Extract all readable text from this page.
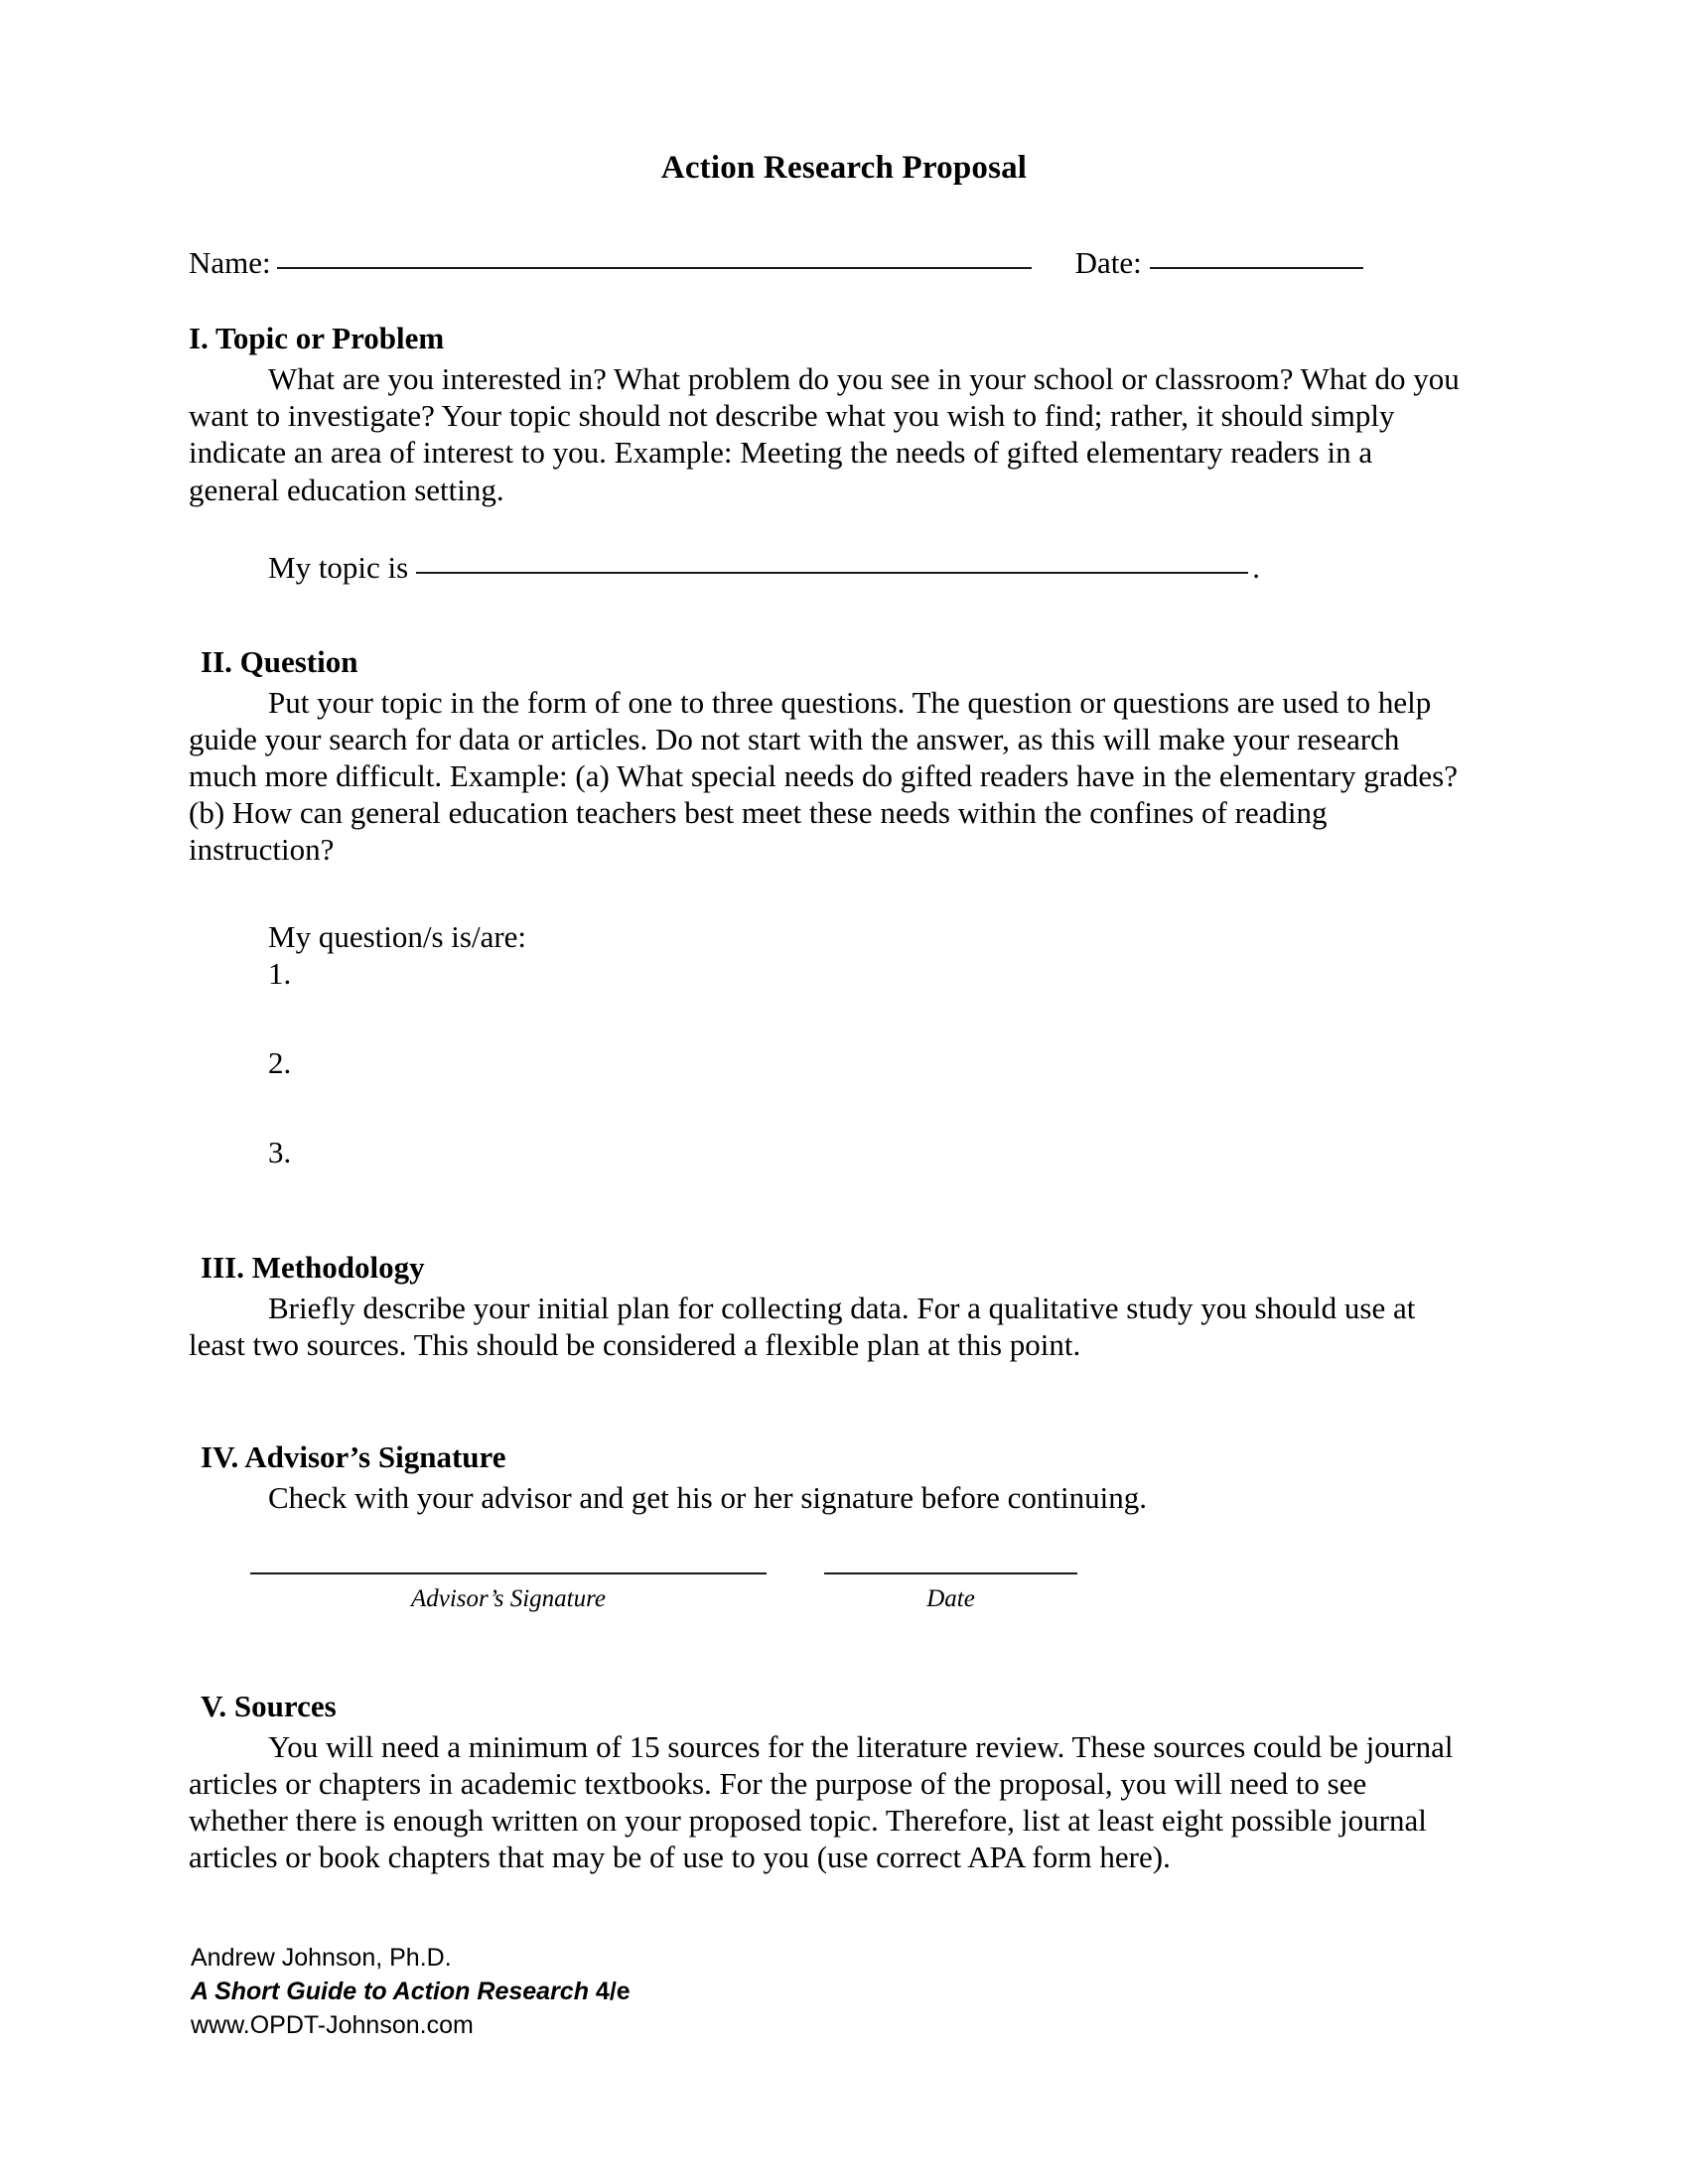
Action Research Proposal
Name:	Date:
I. Topic or Problem

What are you interested in? What problem do you see in your school or classroom? What do you want to investigate? Your topic should not describe what you wish to find; rather, it should simply indicate an area of interest to you. Example: Meeting the needs of gifted elementary readers in a general education setting.

My topic is	.
II. Question

Put your topic in the form of one to three questions. The question or questions are used to help guide your search for data or articles. Do not start with the answer, as this will make your research much more difficult. Example: (a) What special needs do gifted readers have in the elementary grades? (b) How can general education teachers best meet these needs within the confines of reading instruction?

My question/s is/are:
1.
2.
3.
III. Methodology

Briefly describe your initial plan for collecting data. For a qualitative study you should use at least two sources. This should be considered a flexible plan at this point.

IV. Advisor’s Signature

Check with your advisor and get his or her signature before continuing.

Advisor’s Signature	Date
V. Sources

You will need a minimum of 15 sources for the literature review. These sources could be journal articles or chapters in academic textbooks. For the purpose of the proposal, you will need to see whether there is enough written on your proposed topic. Therefore, list at least eight possible journal articles or book chapters that may be of use to you (use correct APA form here).

Andrew Johnson, Ph.D.
A Short Guide to Action Research 4/e
www.OPDT-Johnson.com
